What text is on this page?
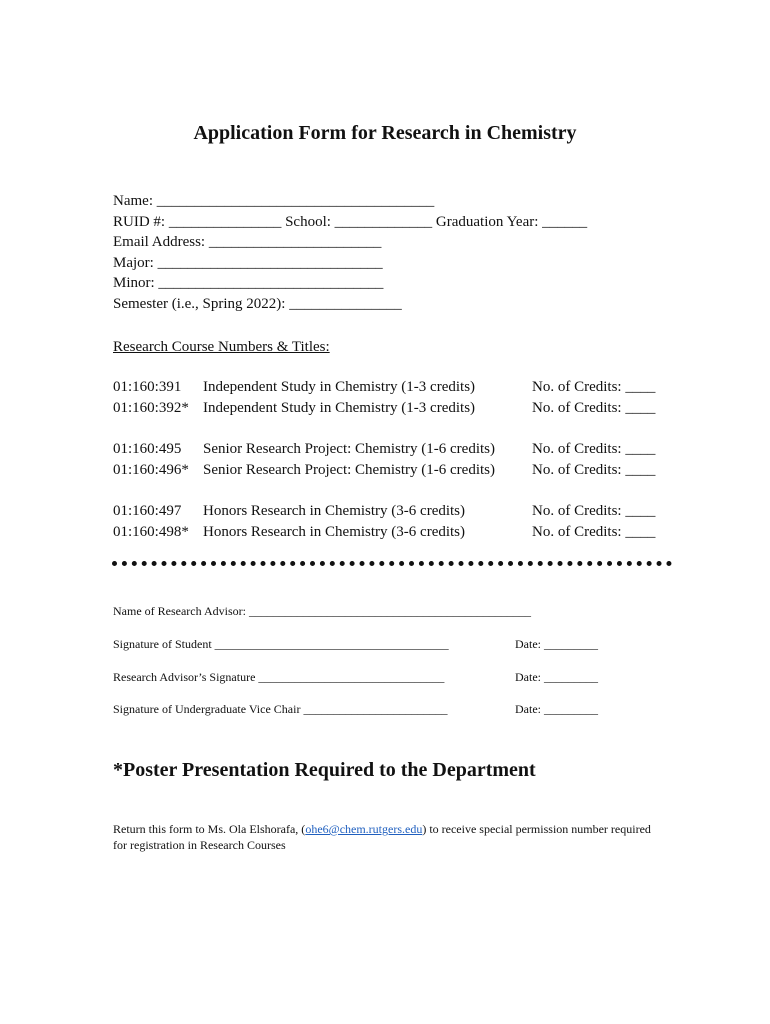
Application Form for Research in Chemistry
Name: _____________________________________
RUID #: _______________ School: _____________ Graduation Year: ______
Email Address: _______________________
Major: ______________________________
Minor: ______________________________
Semester (i.e., Spring 2022): _______________
Research Course Numbers & Titles:
01:160:391 Independent Study in Chemistry (1-3 credits)	No. of Credits: ____
01:160:392* Independent Study in Chemistry (1-3 credits)	No. of Credits: ____
01:160:495 Senior Research Project: Chemistry (1-6 credits) No. of Credits: ____
01:160:496* Senior Research Project: Chemistry (1-6 credits) No. of Credits: ____
01:160:497 Honors Research in Chemistry (3-6 credits)	No. of Credits: ____
01:160:498* Honors Research in Chemistry (3-6 credits)	No. of Credits: ____
Name of Research Advisor: _______________________________________________
Signature of Student _______________________________________	Date: _________
Research Advisor’s Signature _______________________________	Date: _________
Signature of Undergraduate Vice Chair ________________________	Date: _________
*Poster Presentation Required to the Department

Return this form to Ms. Ola Elshorafa, (ohe6@chem.rutgers.edu) to receive special permission number required for registration in Research Courses
